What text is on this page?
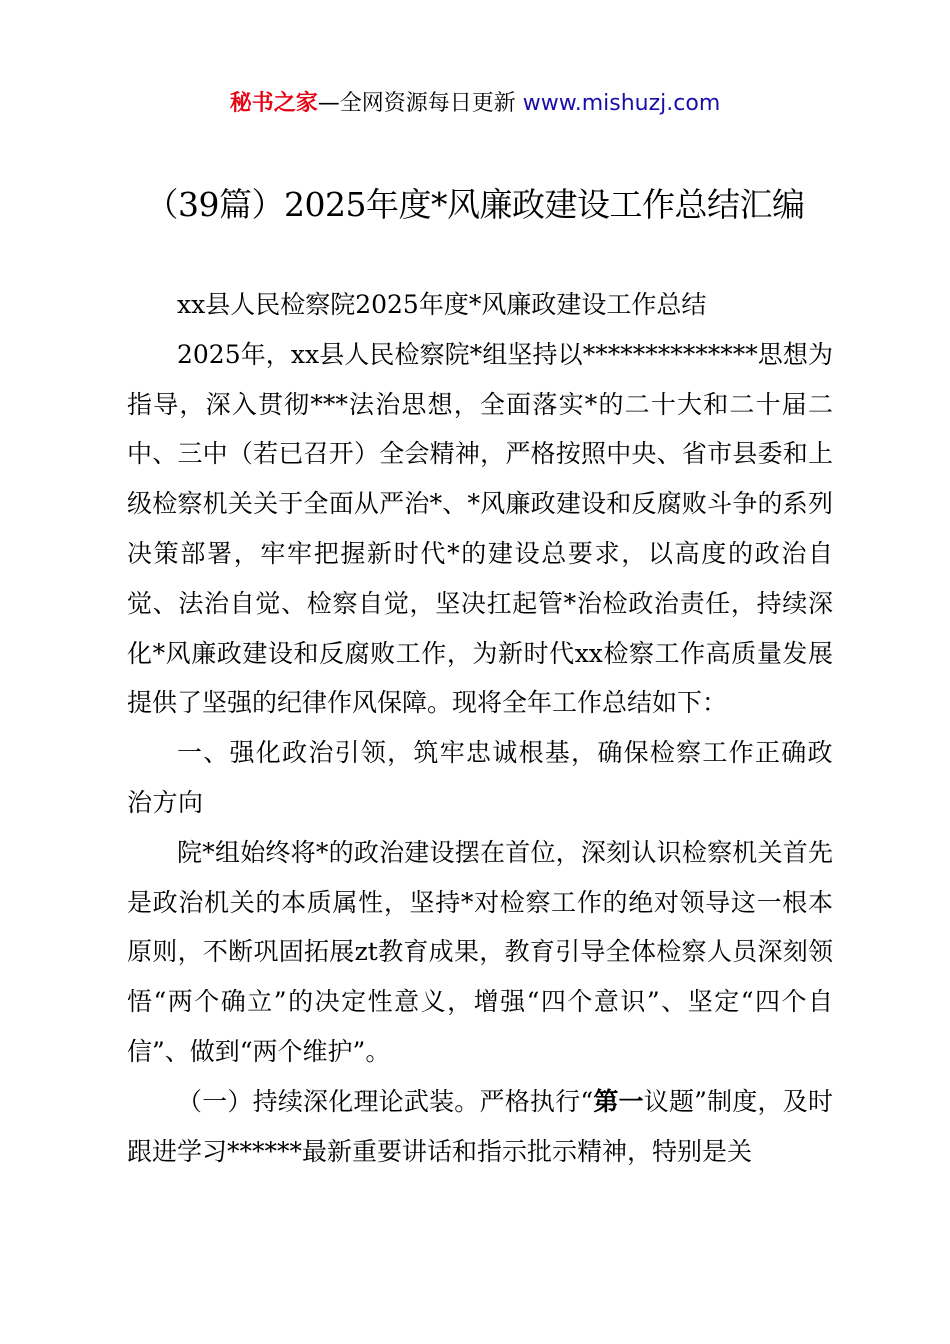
秘书之家—全网资源每日更新 www.mishuzj.com
（39篇）2025年度*风廉政建设工作总结汇编

xx县人民检察院2025年度*风廉政建设工作总结

2025年，xx县人民检察院*组坚持以**************思想为指导，深入贯彻***法治思想，全面落实*的二十大和二十届二中、三中（若已召开）全会精神，严格按照中央、省市县委和上级检察机关关于全面从严治*、*风廉政建设和反腐败斗争的系列决策部署，牢牢把握新时代*的建设总要求，以高度的政治自觉、法治自觉、检察自觉，坚决扛起管*治检政治责任，持续深化*风廉政建设和反腐败工作，为新时代xx检察工作高质量发展提供了坚强的纪律作风保障。现将全年工作总结如下：

一、强化政治引领，筑牢忠诚根基，确保检察工作正确政治方向

院*组始终将*的政治建设摆在首位，深刻认识检察机关首先是政治机关的本质属性，坚持*对检察工作的绝对领导这一根本原则，不断巩固拓展zt教育成果，教育引导全体检察人员深刻领悟“两个确立”的决定性意义，增强“四个意识”、坚定“四个自信”、做到“两个维护”。

（一）持续深化理论武装。严格执行“第一议题”制度，及时跟进学习******最新重要讲话和指示批示精神，特别是关
